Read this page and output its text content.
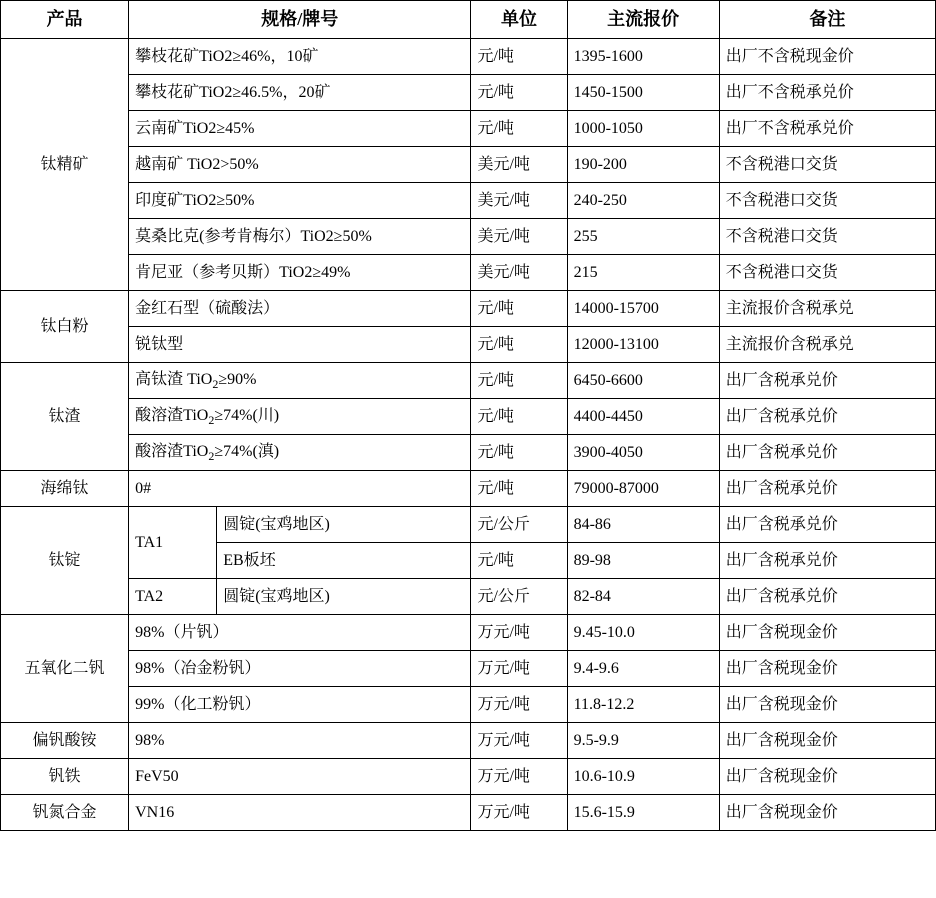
产品	规格/牌号		单位	主流报价	备注
钛精矿	攀枝花矿TiO2≥46%，10矿		元/吨	1395-1600	出厂不含税现金价
	攀枝花矿TiO2≥46.5%，20矿		元/吨	1450-1500	出厂不含税承兑价
	云南矿TiO2≥45%		元/吨	1000-1050	出厂不含税承兑价
	越南矿 TiO2>50%		美元/吨	190-200	不含税港口交货
	印度矿TiO2≥50%		美元/吨	240-250	不含税港口交货
	莫桑比克(参考肯梅尔）TiO2≥50%		美元/吨	255	不含税港口交货
	肯尼亚（参考贝斯）TiO2≥49%		美元/吨	215	不含税港口交货
钛白粉	金红石型（硫酸法）		元/吨	14000-15700	主流报价含税承兑
	锐钛型		元/吨	12000-13100	主流报价含税承兑
钛渣	高钛渣 TiO$_2$≥90%		元/吨	6450-6600	出厂含税承兑价
	酸溶渣TiO$_2$≥74%(川)		元/吨	4400-4450	出厂含税承兑价
	酸溶渣TiO$_2$≥74%(滇)		元/吨	3900-4050	出厂含税承兑价
海绵钛	0#		元/吨	79000-87000	出厂含税承兑价
钛锭	TA1	圆锭(宝鸡地区)	元/公斤	84-86	出厂含税承兑价
		EB板坯	元/吨	89-98	出厂含税承兑价
	TA2	圆锭(宝鸡地区)	元/公斤	82-84	出厂含税承兑价
五氧化二钒	98%（片钒）		万元/吨	9.45-10.0	出厂含税现金价
	98%（冶金粉钒）		万元/吨	9.4-9.6	出厂含税现金价
	99%（化工粉钒）		万元/吨	11.8-12.2	出厂含税现金价
偏钒酸铵	98%		万元/吨	9.5-9.9	出厂含税现金价
钒铁	FeV50		万元/吨	10.6-10.9	出厂含税现金价
钒氮合金	VN16		万元/吨	15.6-15.9	出厂含税现金价
